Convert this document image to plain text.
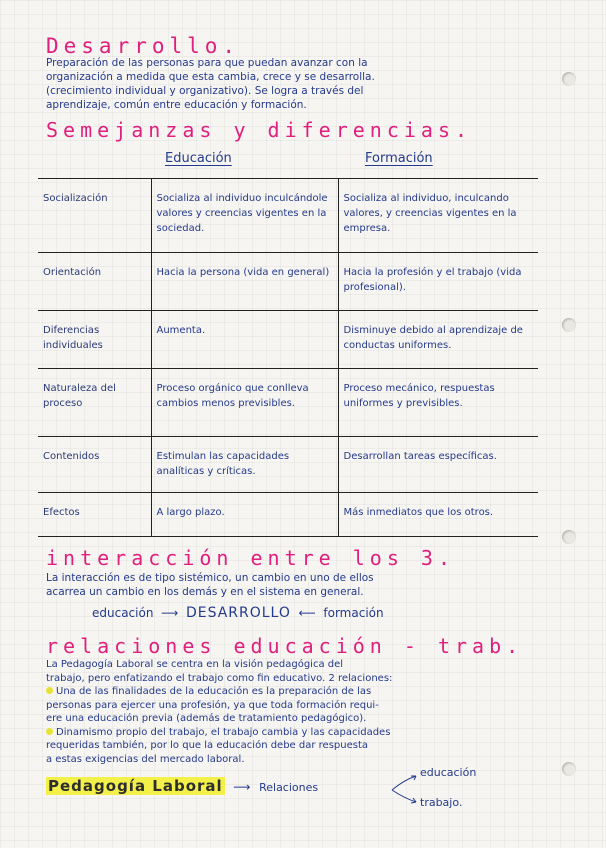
Desarrollo.
Preparación de las personas para que puedan avanzar con la
organización a medida que esta cambia, crece y se desarrolla.
(crecimiento individual y organizativo). Se logra a través del
aprendizaje, común entre educación y formación.
Semejanzas y diferencias.
Educación	Formación
Socialización	Socializa al individuo inculcándole valores y creencias vigentes en la sociedad.	Socializa al individuo, inculcando valores, y creencias vigentes en la empresa.
Orientación	Hacia la persona (vida en general)	Hacia la profesión y el trabajo (vida profesional).
Diferencias individuales	Aumenta.	Disminuye debido al aprendizaje de conductas uniformes.
Naturaleza del proceso	Proceso orgánico que conlleva cambios menos previsibles.	Proceso mecánico, respuestas uniformes y previsibles.
Contenidos	Estimulan las capacidades analíticas y críticas.	Desarrollan tareas específicas.
Efectos	A largo plazo.	Más inmediatos que los otros.
interacción entre los 3.
La interacción es de tipo sistémico, un cambio en uno de ellos
acarrea un cambio en los demás y en el sistema en general.
educación  ⟶  DESARROLLO  ⟵  formación
relaciones educación - trab.
La Pedagogía Laboral se centra en la visión pedagógica del
trabajo, pero enfatizando el trabajo como fin educativo. 2 relaciones:
Una de las finalidades de la educación es la preparación de las
personas para ejercer una profesión, ya que toda formación requi-
ere una educación previa (además de tratamiento pedagógico).
Dinamismo propio del trabajo, el trabajo cambia y las capacidades
requeridas también, por lo que la educación debe dar respuesta
a estas exigencias del mercado laboral.
Pedagogía Laboral  ⟶  Relaciones
educación
trabajo.
